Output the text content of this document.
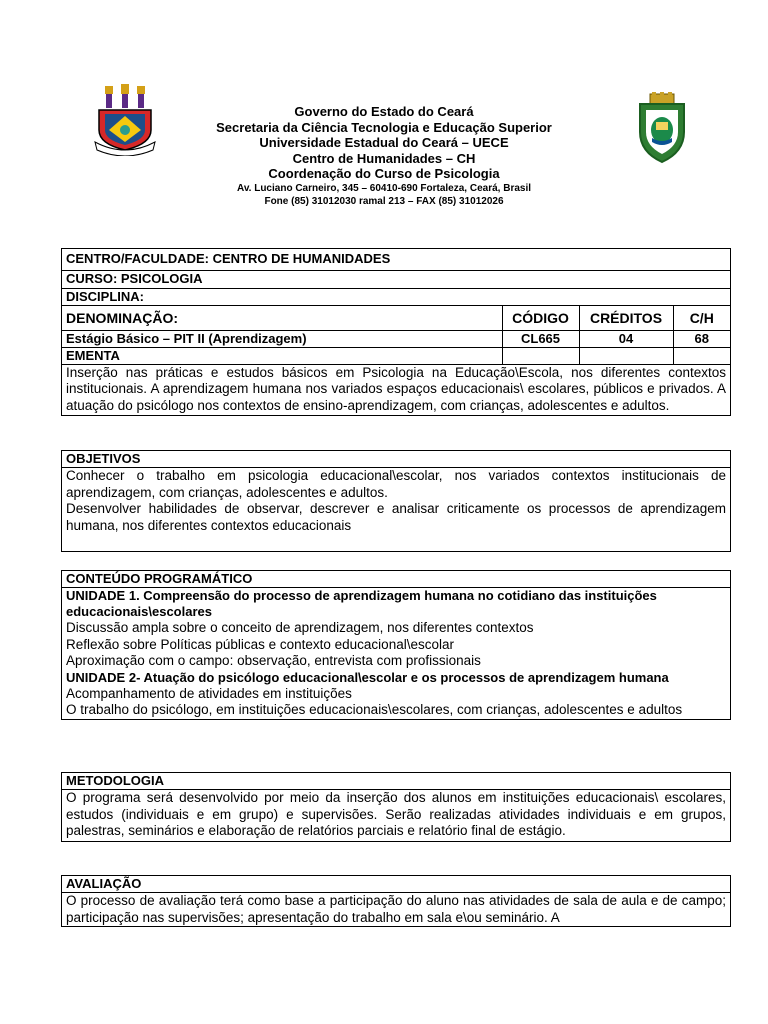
Governo do Estado do Ceará
Secretaria da Ciência Tecnologia e Educação Superior
Universidade Estadual do Ceará – UECE
Centro de Humanidades – CH
Coordenação do Curso de Psicologia
Av. Luciano Carneiro, 345 – 60410-690 Fortaleza, Ceará, Brasil
Fone (85) 31012030 ramal 213 – FAX (85) 31012026
CENTRO/FACULDADE: CENTRO DE HUMANIDADES			
CURSO: PSICOLOGIA			
DISCIPLINA:			
DENOMINAÇÃO:	CÓDIGO	CRÉDITOS	C/H
Estágio Básico – PIT II (Aprendizagem)	CL665	04	68
EMENTA			
Inserção nas práticas e estudos básicos em Psicologia na Educação\Escola, nos diferentes contextos institucionais. A aprendizagem humana nos variados espaços educacionais\ escolares, públicos e privados. A atuação do psicólogo nos contextos de ensino-aprendizagem, com crianças, adolescentes e adultos.			
OBJETIVOS
Conhecer o trabalho em psicologia educacional\escolar, nos variados contextos institucionais de aprendizagem, com crianças, adolescentes e adultos.
Desenvolver habilidades de observar, descrever e analisar criticamente os processos de aprendizagem humana, nos diferentes contextos educacionais
CONTEÚDO PROGRAMÁTICO
UNIDADE 1. Compreensão do processo de aprendizagem humana no cotidiano das instituições educacionais\escolares
Discussão ampla sobre o conceito de aprendizagem, nos diferentes contextos
Reflexão sobre Políticas públicas e contexto educacional\escolar
Aproximação com o campo: observação, entrevista com profissionais
UNIDADE 2- Atuação do psicólogo educacional\escolar e os processos de aprendizagem humana
Acompanhamento de atividades em instituições
O trabalho do psicólogo, em instituições educacionais\escolares, com crianças, adolescentes e adultos
METODOLOGIA
O programa será desenvolvido por meio da inserção dos alunos em instituições educacionais\ escolares, estudos (individuais e em grupo) e supervisões. Serão realizadas atividades individuais e em grupos, palestras, seminários e elaboração de relatórios parciais e relatório final de estágio.
AVALIAÇÃO
O processo de avaliação terá como base a participação do aluno nas atividades de sala de aula e de campo; participação nas supervisões; apresentação do trabalho em sala e\ou seminário. A
